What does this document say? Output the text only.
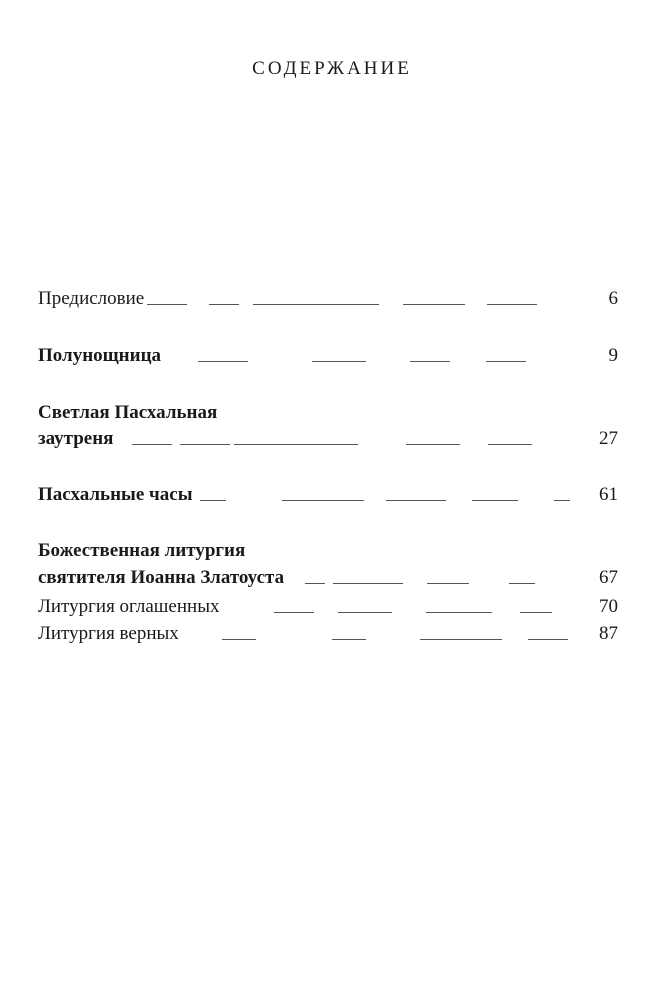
СОДЕРЖАНИЕ
Предисловие	6
Полунощница	9
Светлая Пасхальная
заутреня	27
Пасхальные часы	61
Божественная литургия
святителя Иоанна Златоуста	67
Литургия оглашенных	70
Литургия верных	87
